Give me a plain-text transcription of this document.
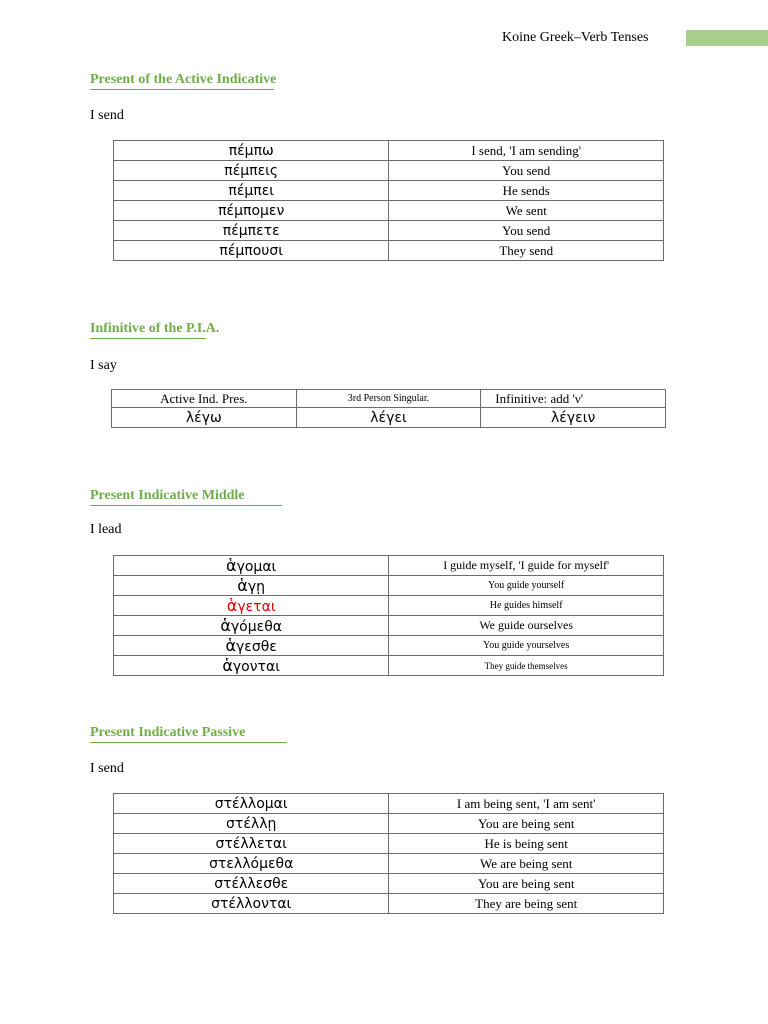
Koine Greek–Verb Tenses
Present of the Active Indicative
I send
πέμπω	I send, 'I am sending'
πέμπεις	You send
πέμπει	He sends
πέμπομεν	We sent
πέμπετε	You send
πέμπουσι	They send
Infinitive of the P.I.A.
I say
Active Ind. Pres.	3rd Person Singular.	Infinitive: add 'ν'
λέγω	λέγει	λέγειν
Present Indicative Middle
I lead
ἁγομαι	I guide myself, 'I guide for myself'
ἁγῃ	You guide yourself
ἁγεται	He guides himself
ἁγόμεθα	We guide ourselves
ἁγεσθε	You guide yourselves
ἁγονται	They guide themselves
Present Indicative Passive
I send
στέλλομαι	I am being sent, 'I am sent'
στέλλῃ	You are being sent
στέλλεται	He is being sent
στελλόμεθα	We are being sent
στέλλεσθε	You are being sent
στέλλονται	They are being sent
